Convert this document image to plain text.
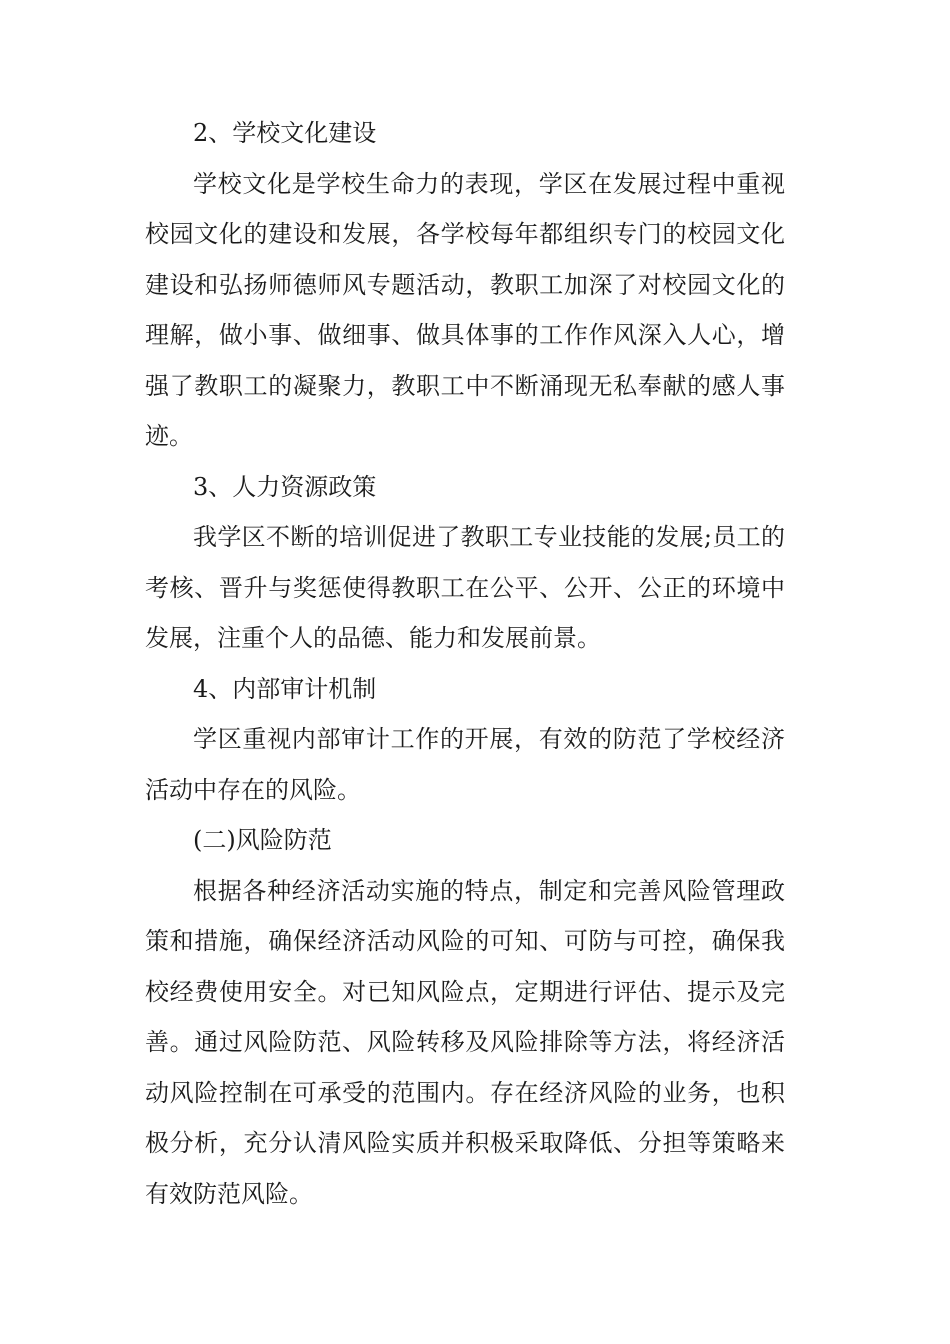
2、学校文化建设

学校文化是学校生命力的表现，学区在发展过程中重视校园文化的建设和发展，各学校每年都组织专门的校园文化建设和弘扬师德师风专题活动，教职工加深了对校园文化的理解，做小事、做细事、做具体事的工作作风深入人心，增强了教职工的凝聚力，教职工中不断涌现无私奉献的感人事迹。

3、人力资源政策

我学区不断的培训促进了教职工专业技能的发展;员工的考核、晋升与奖惩使得教职工在公平、公开、公正的环境中发展，注重个人的品德、能力和发展前景。

4、内部审计机制

学区重视内部审计工作的开展，有效的防范了学校经济活动中存在的风险。

(二)风险防范

根据各种经济活动实施的特点，制定和完善风险管理政策和措施，确保经济活动风险的可知、可防与可控，确保我校经费使用安全。对已知风险点，定期进行评估、提示及完善。通过风险防范、风险转移及风险排除等方法，将经济活动风险控制在可承受的范围内。存在经济风险的业务，也积极分析，充分认清风险实质并积极采取降低、分担等策略来有效防范风险。
